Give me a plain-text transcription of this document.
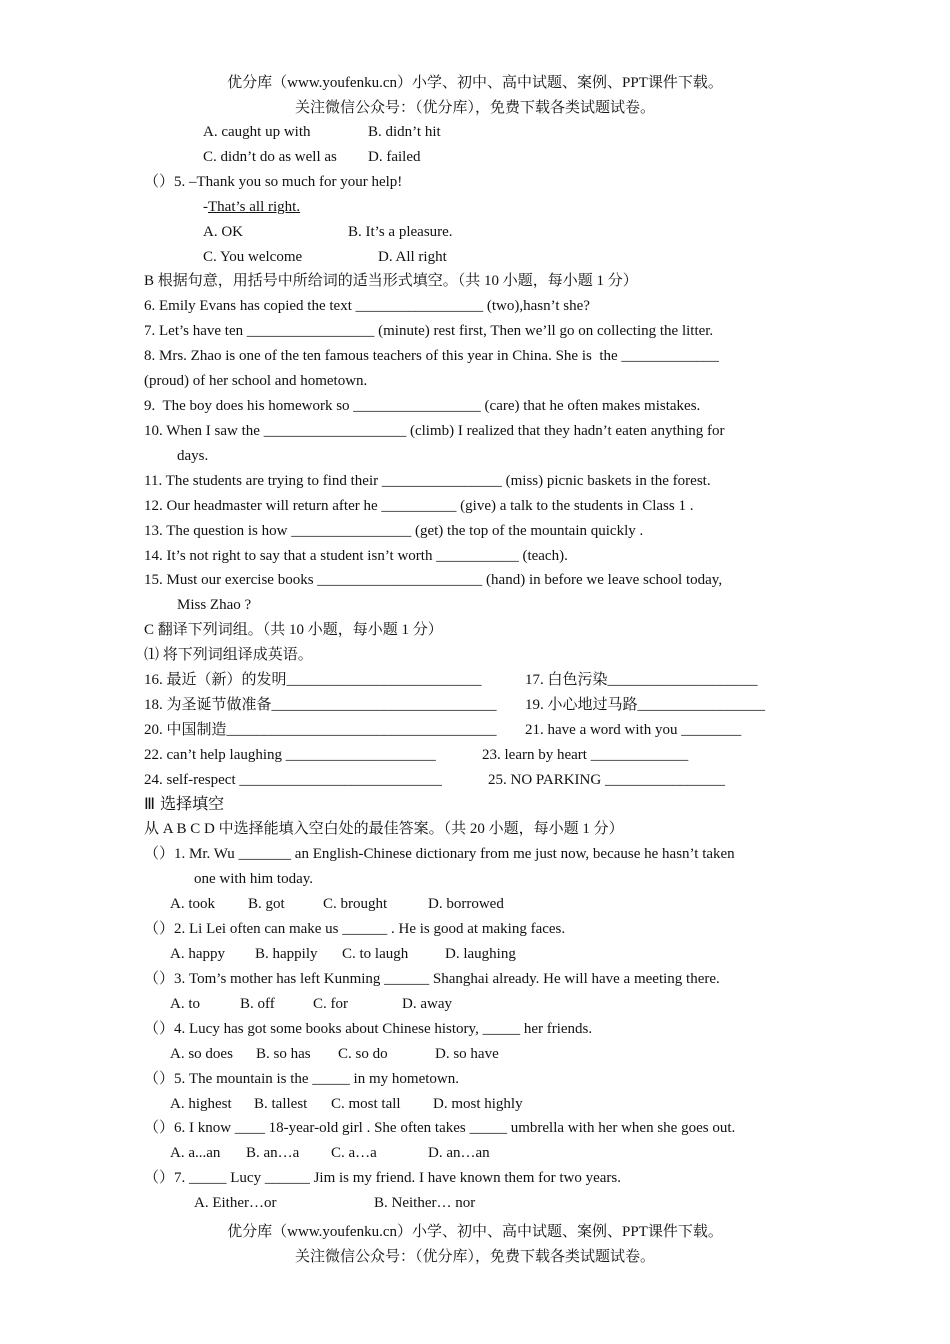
优分库（www.youfenku.cn）小学、初中、高中试题、案例、PPT课件下载。
关注微信公众号：（优分库），免费下载各类试题试卷。
A. caught up with	B. didn’t hit
C. didn’t do as well as D. failed
（）5. –Thank you so much for your help!
-That’s all right.
A. OK	B. It’s a pleasure.
C. You welcome	D. All right
B 根据句意，用括号中所给词的适当形式填空。（共 10 小题，每小题 1 分）
6. Emily Evans has copied the text _________________ (two),hasn’t she?
7. Let’s have ten _________________ (minute) rest first, Then we’ll go on collecting the litter.
8. Mrs. Zhao is one of the ten famous teachers of this year in China. She is  the _____________
(proud) of her school and hometown.
9.  The boy does his homework so _________________ (care) that he often makes mistakes.
10. When I saw the ___________________ (climb) I realized that they hadn’t eaten anything for
days.
11. The students are trying to find their ________________ (miss) picnic baskets in the forest.
12. Our headmaster will return after he __________ (give) a talk to the students in Class 1 .
13. The question is how ________________ (get) the top of the mountain quickly .
14. It’s not right to say that a student isn’t worth ___________ (teach).
15. Must our exercise books ______________________ (hand) in before we leave school today,
Miss Zhao ?
C 翻译下列词组。（共 10 小题，每小题 1 分）
⑴ 将下列词组译成英语。
16. 最近（新）的发明__________________________	17. 白色污染____________________
18. 为圣诞节做准备______________________________ 19. 小心地过马路_________________
20. 中国制造____________________________________ 21. have a word with you ________
22. can’t help laughing ____________________	23. learn by heart _____________
24. self-respect ___________________________	25. NO PARKING ________________
Ⅲ 选择填空
从 A B C D 中选择能填入空白处的最佳答案。（共 20 小题，每小题 1 分）
（）1. Mr. Wu _______ an English-Chinese dictionary from me just now, because he hasn’t taken
one with him today.
A. took B. got	C. brought	D. borrowed
（）2. Li Lei often can make us ______ . He is good at making faces.
A. happy B. happily C. to laugh D. laughing
（）3. Tom’s mother has left Kunming ______ Shanghai already. He will have a meeting there.
A. to	B. off	C. for	D. away
（）4. Lucy has got some books about Chinese history, _____ her friends.
A. so does B. so has C. so do	D. so have
（）5. The mountain is the _____ in my hometown.
A. highest B. tallest C. most tall D. most highly
（）6. I know ____ 18-year-old girl . She often takes _____ umbrella with her when she goes out.
A. a...an B. an…a C. a…a	D. an…an
（）7. _____ Lucy ______ Jim is my friend. I have known them for two years.
A. Either…or	B. Neither… nor
优分库（www.youfenku.cn）小学、初中、高中试题、案例、PPT课件下载。
关注微信公众号：（优分库），免费下载各类试题试卷。
